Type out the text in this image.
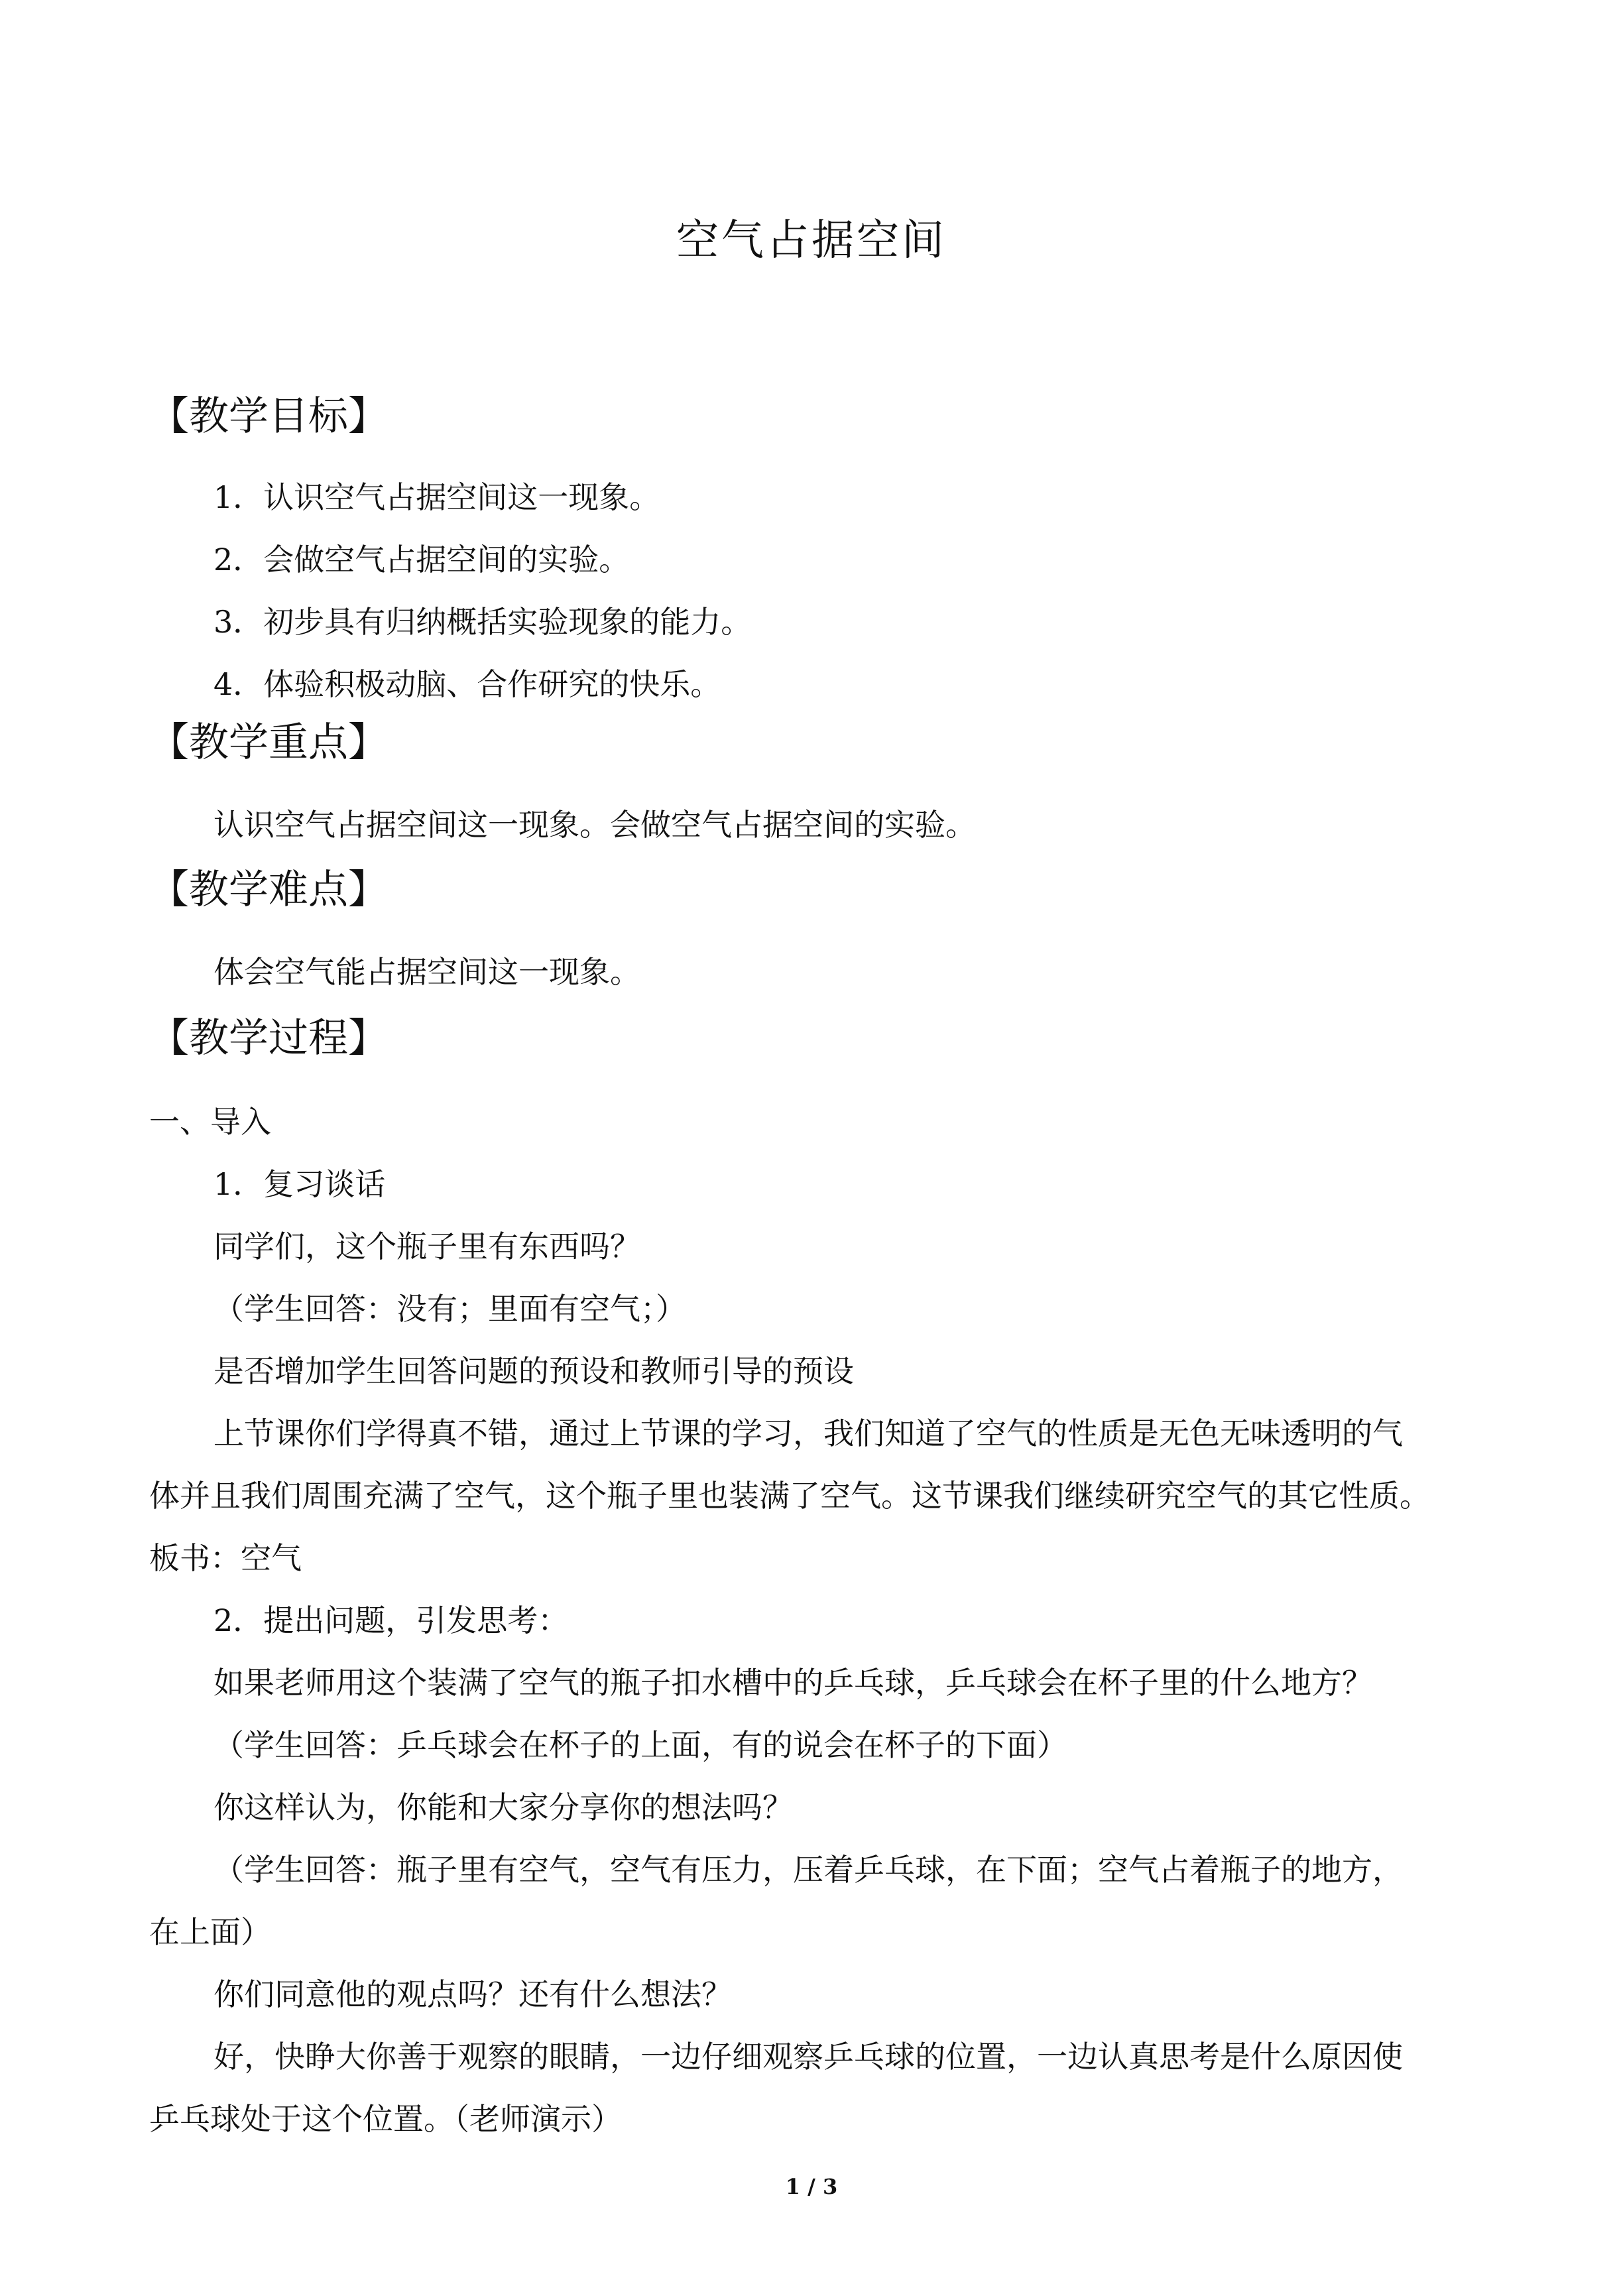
空气占据空间
【教学目标】
1．认识空气占据空间这一现象。
2．会做空气占据空间的实验。
3．初步具有归纳概括实验现象的能力。
4．体验积极动脑、合作研究的快乐。
【教学重点】
认识空气占据空间这一现象。会做空气占据空间的实验。
【教学难点】
体会空气能占据空间这一现象。
【教学过程】
一、导入
1．复习谈话
同学们，这个瓶子里有东西吗？
（学生回答：没有；里面有空气；）
是否增加学生回答问题的预设和教师引导的预设
上节课你们学得真不错，通过上节课的学习，我们知道了空气的性质是无色无味透明的气
体并且我们周围充满了空气，这个瓶子里也装满了空气。这节课我们继续研究空气的其它性质。
板书：空气
2．提出问题，引发思考：
如果老师用这个装满了空气的瓶子扣水槽中的乒乓球，乒乓球会在杯子里的什么地方？
（学生回答：乒乓球会在杯子的上面，有的说会在杯子的下面）
你这样认为，你能和大家分享你的想法吗？
（学生回答：瓶子里有空气，空气有压力，压着乒乓球，在下面；空气占着瓶子的地方，
在上面）
你们同意他的观点吗？还有什么想法？
好，快睁大你善于观察的眼睛，一边仔细观察乒乓球的位置，一边认真思考是什么原因使
乒乓球处于这个位置。（老师演示）
1 / 3
